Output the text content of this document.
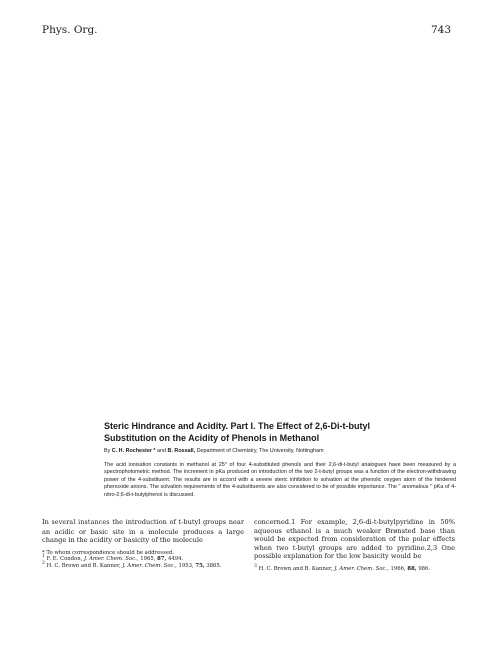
Phys. Org.	743
Steric Hindrance and Acidity. Part I. The Effect of 2,6-Di-t-butyl
Substitution on the Acidity of Phenols in Methanol
By C. H. Rochester * and B. Rossall, Department of Chemistry, The University, Nottingham
The acid ionisation constants in methanol at 25° of four 4-substituted phenols and their 2,6-di-t-butyl analogues have been measured by a spectrophotometric method. The increment in pKa produced on introduction of the two 2-t-butyl groups was a function of the electron-withdrawing power of the 4-substituent. The results are in accord with a severe steric inhibition to solvation at the phenolic oxygen atom of the hindered phenoxide anions. The solvation requirements of the 4-substituents are also considered to be of possible importance. The " anomalous " pKa of 4-nitro-2,6-di-t-butylphenol is discussed.

In several instances the introduction of t-butyl groups near an acidic or basic site in a molecule produces a large change in the acidity or basicity of the molecule

* To whom correspondence should be addressed.

$^1$ F. E. Condon, J. Amer. Chem. Soc., 1965, 87, 4494.

$^2$ H. C. Brown and B. Kanner, J. Amer. Chem. Soc., 1953, 75, 3865.

concerned.1 For example, 2,6-di-t-butylpyridine in 50% aqueous ethanol is a much weaker Brønsted base than would be expected from consideration of the polar effects when two t-butyl groups are added to pyridine.2,3 One possible explanation for the low basicity would be

$^3$ H. C. Brown and B. Kanner, J. Amer. Chem. Soc., 1966, 88, 986.
